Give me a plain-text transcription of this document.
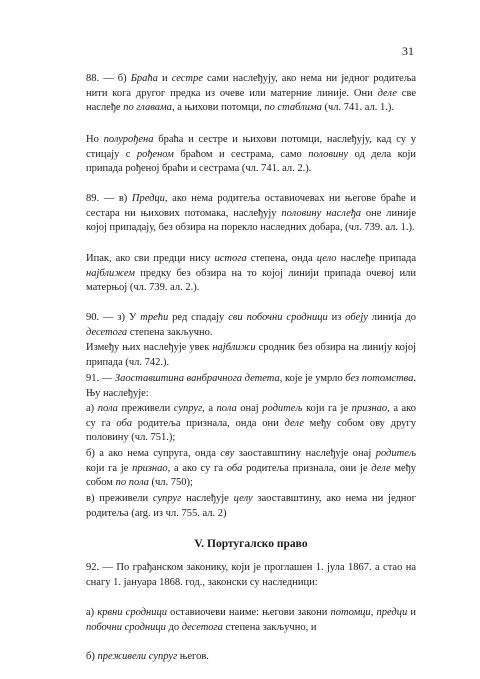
31
88. — б) Браћа и сестре сами наслеђују, ако нема ни једног родитеља нити кога другог предка из очеве или матерние линије. Они деле све наслеђе по главама, а њихови потомци, по стаблима (чл. 741. ал. 1.).
Но полурођена браћа и сестре и њихови потомци, наслеђују, кад су у стицају с рођеном браћом и сестрама, само половину од дела који припада рођеној браћи и сестрама (чл. 741. ал. 2.).
89. — в) Предци, ако нема родитеља оставиочевах ни његове браће и сестара ни њихових потомака, наслеђују половину наслеђа оне линије којој припадају, без обзира на порекло наследних добара, (чл. 739. ал. 1.).
Ипак, ако сви предци нису истога степена, онда цело наслеђе припада најближем предку без обзира на то којој линији припада очевој или матерњој (чл. 739. ал. 2.).
90. — з) У трећи ред спадају сви побочни сродници из обеју линија до десетога степена закључно.
Између њих наслеђује увек најближи сродник без обзира на линију којој припада (чл. 742.).
91. — Заоставштина ванбрачнога детета, које је умрло без потомства. Њу наслеђује:
а) пола преживели супруг, а пола онај родитељ који га је признао, а ако су га оба родитеља признала, онда они деле међу собом ову другу половину (чл. 751.);
б) а ако нема супруга, онда сву заоставштину наслеђује онај родитељ који га је признао, а ако су га оба родитеља признала, оии је деле међу собом по пола (чл. 750);
в) преживели супруг наслеђује целу заоставштину, ако нема ни једног родитеља (arg. из чл. 755. ал. 2)
V. Португалско право
92. — По грађанском законику, који је проглашен 1. јула 1867. а стао на снагу 1. јануара 1868. год., законски су наследници:
а) крвни сродници оставиочеви наиме: његови закони потомци, предци и побочни сродници до десетога степена закључно, и
б) преживели супруг његов.
